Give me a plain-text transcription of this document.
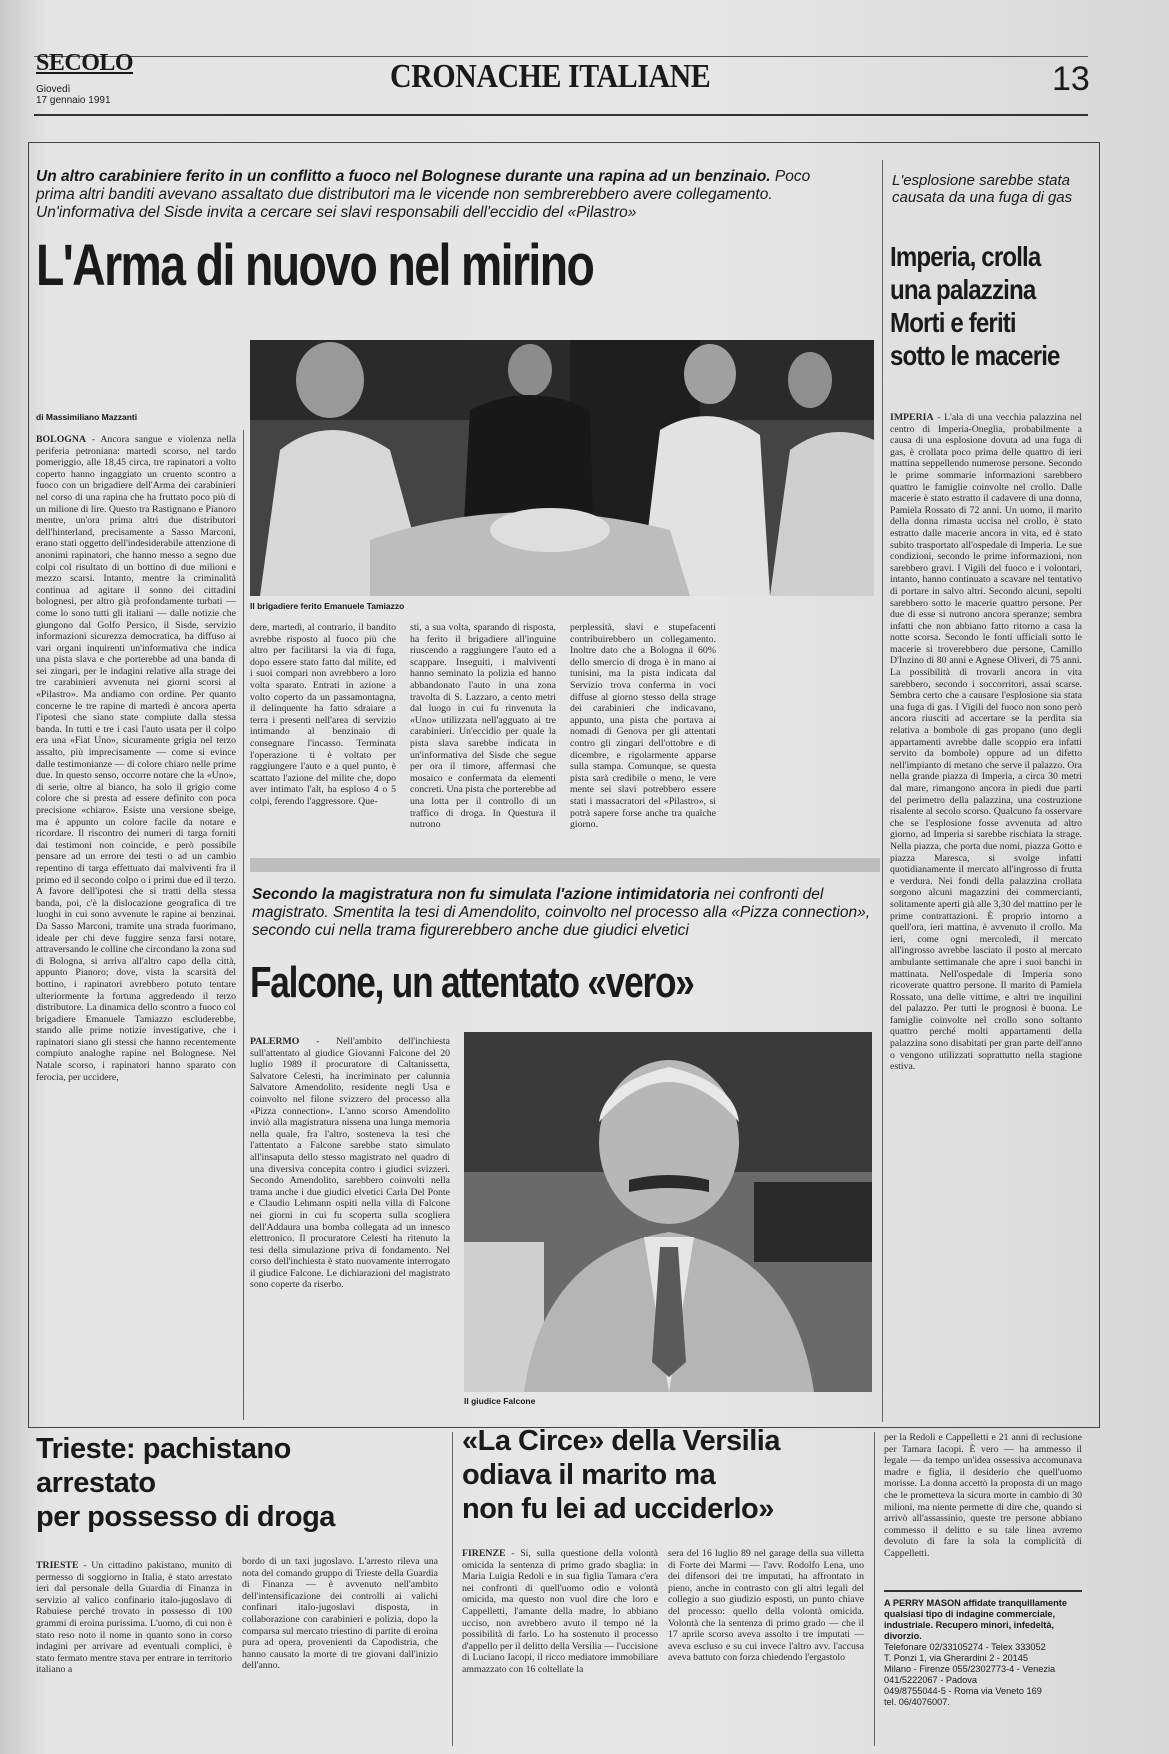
SECOLO
Giovedì
17 gennaio 1991
CRONACHE ITALIANE	13
Un altro carabiniere ferito in un conflitto a fuoco nel Bolognese durante una rapina ad un benzinaio. Poco prima altri banditi avevano assaltato due distributori ma le vicende non sembrerebbero avere collegamento. Un'informativa del Sisde invita a cercare sei slavi responsabili dell'eccidio del «Pilastro»
L'Arma di nuovo nel mirino
di Massimiliano Mazzanti
Il brigadiere ferito Emanuele Tamiazzo

BOLOGNA - Ancora sangue e violenza nella periferia petroniana: martedì scorso, nel tardo pomeriggio, alle 18,45 circa, tre rapinatori a volto coperto hanno ingaggiato un cruento scontro a fuoco con un brigadiere dell'Arma dei carabinieri nel corso di una rapina che ha fruttato poco più di un milione di lire. Questo tra Rastignano e Pianoro mentre, un'ora prima altri due distributori dell'hinterland, precisamente a Sasso Marconi, erano stati oggetto dell'indesiderabile attenzione di anonimi rapinatori, che hanno messo a segno due colpi col risultato di un bottino di due milioni e mezzo scarsi. Intanto, mentre la criminalità continua ad agitare il sonno dei cittadini bolognesi, per altro già profondamente turbati — come lo sono tutti gli italiani — dalle notizie che giungono dal Golfo Persico, il Sisde, servizio informazioni sicurezza democratica, ha diffuso ai vari organi inquirenti un'informativa che indica una pista slava e che porterebbe ad una banda di sei zingari, per le indagini relative alla strage dei tre carabinieri avvenuta nei giorni scorsi al «Pilastro». Ma andiamo con ordine. Per quanto concerne le tre rapine di martedì è ancora aperta l'ipotesi che siano state compiute dalla stessa banda. In tutti e tre i casi l'auto usata per il colpo era una «Fiat Uno», sicuramente grigia nel terzo assalto, più imprecisamente — come si evince dalle testimonianze — di colore chiaro nelle prime due. In questo senso, occorre notare che la «Uno», di serie, oltre al bianco, ha solo il grigio come colore che si presta ad essere definito con poca precisione «chiaro». Esiste una versione sbeige, ma è appunto un colore facile da notare e ricordare. Il riscontro dei numeri di targa forniti dai testimoni non coincide, e però possibile pensare ad un errore dei testi o ad un cambio repentino di targa effettuato dai malviventi fra il primo ed il secondo colpo o i primi due ed il terzo. A favore dell'ipotesi che si tratti della stessa banda, poi, c'è la dislocazione geografica di tre luoghi in cui sono avvenute le rapine ai benzinai. Da Sasso Marconi, tramite una strada fuorimano, ideale per chi deve fuggire senza farsi notare, attraversando le colline che circondano la zona sud di Bologna, si arriva all'altro capo della città, appunto Pianoro; dove, vista la scarsità del bottino, i rapinatori avrebbero potuto tentare ulteriormente la fortuna aggredendo il terzo distributore. La dinamica dello scontro a fuoco col brigadiere Emanuele Tamiazzo escluderebbe, stando alle prime notizie investigative, che i rapinatori siano gli stessi che hanno recentemente compiuto analoghe rapine nel Bolognese. Nel Natale scorso, i rapinatori hanno sparato con ferocia, per uccidere,

dere, martedì, al contrario, il bandito avrebbe risposto al fuoco più che altro per facilitarsi la via di fuga, dopo essere stato fatto dal milite, ed i suoi compari non avrebbero a loro volta sparato. Entrati in azione a volto coperto da un passamontagna, il delinquente ha fatto sdraiare a terra i presenti nell'area di servizio intimando al benzinaio di consegnare l'incasso. Terminata l'operazione ti è voltato per raggiungere l'auto e a quel punto, è scattato l'azione del milite che, dopo aver intimato l'alt, ha esploso 4 o 5 colpi, ferendo l'aggressore. Que-

sti, a sua volta, sparando di risposta, ha ferito il brigadiere all'inguine riuscendo a raggiungere l'auto ed a scappare. Inseguiti, i malviventi hanno seminato la polizia ed hanno abbandonato l'auto in una zona travolta di S. Lazzaro, a cento metri dal luogo in cui fu rinvenuta la «Uno» utilizzata nell'agguato ai tre carabinieri. Un'eccidio per quale la pista slava sarebbe indicata in un'informativa del Sisde che segue per ora il timore, affermasi che mosaico e confermata da elementi concreti. Una pista che porterebbe ad una lotta per il controllo di un traffico di droga. In Questura il nutrono

perplessità, slavi e stupefacenti contribuirebbero un collegamento. Inoltre dato che a Bologna il 60% dello smercio di droga è in mano ai tunisini, ma la pista indicata dal Servizio trova conferma in voci diffuse al giorno stesso della strage dei carabinieri che indicavano, appunto, una pista che portava ai nomadi di Genova per gli attentati contro gli zingari dell'ottobre e di dicembre, e rigolarmente apparse sulla stampa. Comunque, se questa pista sarà credibile o meno, le vere mente sei slavi potrebbero essere stati i massacratori del «Pilastro», si potrà sapere forse anche tra qualche giorno.

L'esplosione sarebbe stata causata da una fuga di gas
Imperia, crolla una palazzina Morti e feriti sotto le macerie

IMPERIA - L'ala di una vecchia palazzina nel centro di Imperia-Oneglia, probabilmente a causa di una esplosione dovuta ad una fuga di gas, è crollata poco prima delle quattro di ieri mattina seppellendo numerose persone. Secondo le prime sommarie informazioni sarebbero quattro le famiglie coinvolte nel crollo. Dalle macerie è stato estratto il cadavere di una donna, Pamiela Rossato di 72 anni. Un uomo, il marito della donna rimasta uccisa nel crollo, è stato estratto dalle macerie ancora in vita, ed è stato subito trasportato all'ospedale di Imperia. Le sue condizioni, secondo le prime informazioni, non sarebbero gravi. I Vigili del fuoco e i volontari, intanto, hanno continuato a scavare nel tentativo di portare in salvo altri. Secondo alcuni, sepolti sarebbero sotto le macerie quattro persone. Per due di esse si nutrono ancora speranze; sembra infatti che non abbiano fatto ritorno a casa la notte scorsa. Secondo le fonti ufficiali sotto le macerie si troverebbero due persone, Camillo D'Inzino di 80 anni e Agnese Oliveri, di 75 anni. La possibilità di trovarli ancora in vita sarebbero, secondo i soccorritori, assai scarse. Sembra certo che a causare l'esplosione sia stata una fuga di gas. I Vigili del fuoco non sono però ancora riusciti ad accertare se la perdita sia relativa a bombole di gas propano (uno degli appartamenti avrebbe dalle scoppio era infatti servito da bombole) oppure ad un difetto nell'impianto di metano che serve il palazzo. Ora nella grande piazza di Imperia, a circa 30 metri dal mare, rimangono ancora in piedi due parti del perimetro della palazzina, una costruzione risalente al secolo scorso. Qualcuno fa osservare che se l'esplosione fosse avvenuta ad altro giorno, ad Imperia si sarebbe rischiata la strage. Nella piazza, che porta due nomi, piazza Gotto e piazza Maresca, si svolge infatti quotidianamente il mercato all'ingrosso di frutta e verdura. Nei fondi della palazzina crollata sorgono alcuni magazzini dei commercianti, solitamente aperti già alle 3,30 del mattino per le prime contrattazioni. È proprio intorno a quell'ora, ieri mattina, è avvenuto il crollo. Ma ieri, come ogni mercoledì, il mercato all'ingrosso avrebbe lasciato il posto al mercato ambulante settimanale che apre i suoi banchi in mattinata. Nell'ospedale di Imperia sono ricoverate quattro persone. Il marito di Pamiela Rossato, una delle vittime, e altri tre inquilini del palazzo. Per tutti le prognosi è buona. Le famiglie coinvolte nel crollo sono soltanto quattro perché molti appartamenti della palazzina sono disabitati per gran parte dell'anno o vengono utilizzati soprattutto nella stagione estiva.

Secondo la magistratura non fu simulata l'azione intimidatoria nei confronti del magistrato. Smentita la tesi di Amendolito, coinvolto nel processo alla «Pizza connection», secondo cui nella trama figurerebbero anche due giudici elvetici
Falcone, un attentato «vero»

PALERMO - Nell'ambito dell'inchiesta sull'attentato al giudice Giovanni Falcone del 20 luglio 1989 il procuratore di Caltanissetta, Salvatore Celesti, ha incriminato per calunnia Salvatore Amendolito, residente negli Usa e coinvolto nel filone svizzero del processo alla «Pizza connection». L'anno scorso Amendolito inviò alla magistratura nissena una lunga memoria nella quale, fra l'altro, sosteneva la tesi che l'attentato a Falcone sarebbe stato simulato all'insaputa dello stesso magistrato nel quadro di una diversiva concepita contro i giudici svizzeri. Secondo Amendolito, sarebbero coinvolti nella trama anche i due giudici elvetici Carla Del Ponte e Claudio Lehmann ospiti nella villa di Falcone nei giorni in cui fu scoperta sulla scogliera dell'Addaura una bomba collegata ad un innesco elettronico. Il procuratore Celesti ha ritenuto la tesi della simulazione priva di fondamento. Nel corso dell'inchiesta è stato nuovamente interrogato il giudice Falcone. Le dichiarazioni del magistrato sono coperte da riserbo.

Il giudice Falcone
Trieste: pachistano
arrestato
per possesso di droga

TRIESTE - Un cittadino pakistano, munito di permesso di soggiorno in Italia, è stato arrestato ieri dal personale della Guardia di Finanza in servizio al valico confinario italo-jugoslavo di Rabuiese perché trovato in possesso di 100 grammi di eroina purissima. L'uomo, di cui non è stato reso noto il nome in quanto sono in corso indagini per arrivare ad eventuali complici, è stato fermato mentre stava per entrare in territorio italiano a

bordo di un taxi jugoslavo. L'arresto rileva una nota del comando gruppo di Trieste della Guardia di Finanza — è avvenuto nell'ambito dell'intensificazione dei controlli ai valichi confinari italo-jugoslavi disposta, in collaborazione con carabinieri e polizia, dopo la comparsa sul mercato triestino di partite di eroina pura ad opera, provenienti da Capodistria, che hanno causato la morte di tre giovani dall'inizio dell'anno.

«La Circe» della Versilia
odiava il marito ma
non fu lei ad ucciderlo»

FIRENZE - Si, sulla questione della volontà omicida la sentenza di primo grado sbaglia: in Maria Luigia Redoli e in sua figlia Tamara c'era nei confronti di quell'uomo odio e volontà omicida, ma questo non vuol dire che loro e Cappelletti, l'amante della madre, lo abbiano ucciso, non avrebbero avuto il tempo né la possibilità di farlo. Lo ha sostenuto il processo d'appello per il delitto della Versilia — l'uccisione di Luciano Iacopi, il ricco mediatore immobiliare ammazzato con 16 coltellate la

sera del 16 luglio 89 nel garage della sua villetta di Forte dei Marmi — l'avv. Rodolfo Lena, uno dei difensori dei tre imputati, ha affrontato in pieno, anche in contrasto con gli altri legali del collegio a suo giudizio esposti, un punto chiave del processo: quello della volontà omicida. Volontà che la sentenza di primo grado — che il 17 aprile scorso aveva assolto i tre imputati — aveva escluso e su cui invece l'altro avv. l'accusa aveva battuto con forza chiedendo l'ergastolo

per la Redoli e Cappelletti e 21 anni di reclusione per Tamara Iacopi. È vero — ha ammesso il legale — da tempo un'idea ossessiva accomunava madre e figlia, il desiderio che quell'uomo morisse. La donna accettò la proposta di un mago che le prometteva la sicura morte in cambio di 30 milioni, ma niente permette di dire che, quando si arrivò all'assassinio, queste tre persone abbiano commesso il delitto e su tale linea avremo devoluto di fare la sola la complicità di Cappelletti.

A PERRY MASON affidate tranquillamente qualsiasi tipo di indagine commerciale, industriale. Recupero minori, infedeltà, divorzio.
Telefonare 02/33105274 - Telex 333052
T. Ponzi 1, via Gherardini 2 - 20145
Milano - Firenze 055/2302773-4 - Venezia 041/5222067 - Padova
049/8755044-5 - Roma via Veneto 169
tel. 06/4076007.
